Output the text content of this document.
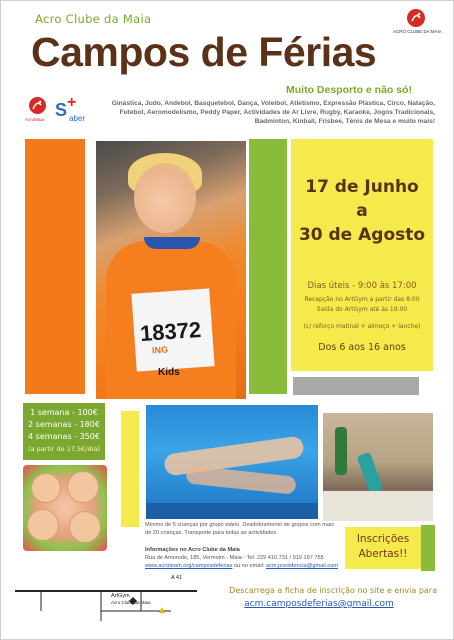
Acro Clube da Maia
Campos de Férias	ACRO CLUBE DA MAIA
AcroMaia S +
aber
Muito Desporto e não só!
Ginástica, Judo, Andebol, Basquetebol, Dança, Voleibol, Atletismo, Expressão Plástica, Circo, Natação, Futebol, Aeromodelismo, Peddy Paper, Actividades de Ar Livre, Rugby, Karaoke, Jogos Tradicionais, Badminton, Kinball, Frisbee, Ténis de Mesa e muito mais!
18372
ING
Kids
17 de Junho
a
30 de Agosto
Dias úteis - 9:00 às 17:00
Recepção no ArtGym a partir das 8:00
Saída do ArtGym até às 19:00
(c/ reforço matinal + almoço + lanche)
Dos 6 aos 16 anos
1 semana - 100€
2 semanas - 180€
4 semanas - 350€
(a partir de 17,5€/dia)
Mínimo de 5 crianças por grupo etário. Desdobramento de grupos com mais de 20 crianças. Transporte para todas as actividades.
Informações no Acro Clube da Maia
Rua de Amorode, 185, Vermoim - Maia - Tel: 229 410 731 / 919 197 755
www.acroteam.org/camposdeferias ou no email: acm.presidencia@gmail.com
Inscrições
Abertas!!
A 41
ArtGym
Acro Clube da Maia
Descarrega a ficha de inscrição no site e envia para
acm.camposdeferias@gmail.com
